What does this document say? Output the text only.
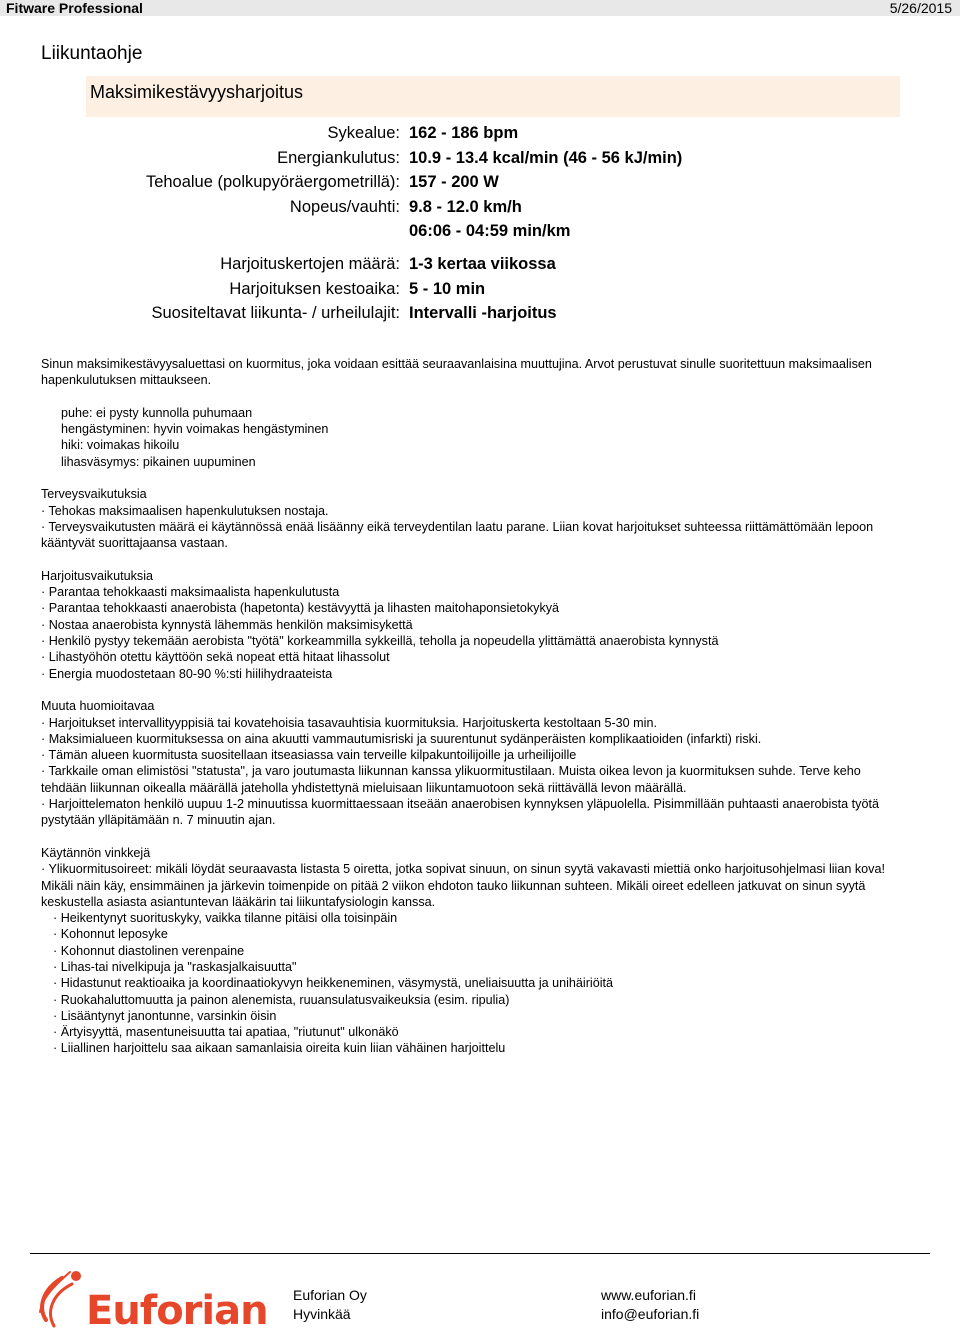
Fitware Professional	5/26/2015
Liikuntaohje
Maksimikestävyysharjoitus
Sykealue: 162 - 186 bpm
Energiankulutus: 10.9 - 13.4 kcal/min (46 - 56 kJ/min)
Tehoalue (polkupyöräergometrillä): 157 - 200 W
Nopeus/vauhti: 9.8 - 12.0 km/h
06:06 - 04:59 min/km
Harjoituskertojen määrä: 1-3 kertaa viikossa
Harjoituksen kestoaika: 5 - 10 min
Suositeltavat liikunta- / urheilulajit: Intervalli -harjoitus

Sinun maksimikestävyysaluettasi on kuormitus, joka voidaan esittää seuraavanlaisina muuttujina. Arvot perustuvat sinulle suoritettuun maksimaalisen hapenkulutuksen mittaukseen.

puhe: ei pysty kunnolla puhumaan

hengästyminen: hyvin voimakas hengästyminen

hiki: voimakas hikoilu

lihasväsymys: pikainen uupuminen

Terveysvaikutuksia

· Tehokas maksimaalisen hapenkulutuksen nostaja.

· Terveysvaikutusten määrä ei käytännössä enää lisäänny eikä terveydentilan laatu parane. Liian kovat harjoitukset suhteessa riittämättömään lepoon kääntyvät suorittajaansa vastaan.

Harjoitusvaikutuksia

· Parantaa tehokkaasti maksimaalista hapenkulutusta

· Parantaa tehokkaasti anaerobista (hapetonta) kestävyyttä ja lihasten maitohaponsietokykyä

· Nostaa anaerobista kynnystä lähemmäs henkilön maksimisykettä

· Henkilö pystyy tekemään aerobista "työtä" korkeammilla sykkeillä, teholla ja nopeudella ylittämättä anaerobista kynnystä

· Lihastyöhön otettu käyttöön sekä nopeat että hitaat lihassolut

· Energia muodostetaan 80-90 %:sti hiilihydraateista

Muuta huomioitavaa

· Harjoitukset intervallityyppisiä tai kovatehoisia tasavauhtisia kuormituksia. Harjoituskerta kestoltaan 5-30 min.

· Maksimialueen kuormituksessa on aina akuutti vammautumisriski ja suurentunut sydänperäisten komplikaatioiden (infarkti) riski.

· Tämän alueen kuormitusta suositellaan itseasiassa vain terveille kilpakuntoilijoille ja urheilijoille

· Tarkkaile oman elimistösi "statusta", ja varo joutumasta liikunnan kanssa ylikuormitustilaan. Muista oikea levon ja kuormituksen suhde. Terve keho tehdään liikunnan oikealla määrällä jateholla yhdistettynä mieluisaan liikuntamuotoon sekä riittävällä levon määrällä.

· Harjoittelematon henkilö uupuu 1-2 minuutissa kuormittaessaan itseään anaerobisen kynnyksen yläpuolella. Pisimmillään puhtaasti anaerobista työtä pystytään ylläpitämään n. 7 minuutin ajan.

Käytännön vinkkejä

· Ylikuormitusoireet: mikäli löydät seuraavasta listasta 5 oiretta, jotka sopivat sinuun, on sinun syytä vakavasti miettiä onko harjoitusohjelmasi liian kova! Mikäli näin käy, ensimmäinen ja järkevin toimenpide on pitää 2 viikon ehdoton tauko liikunnan suhteen. Mikäli oireet edelleen jatkuvat on sinun syytä keskustella asiasta asiantuntevan lääkärin tai liikuntafysiologin kanssa.

· Heikentynyt suorituskyky, vaikka tilanne pitäisi olla toisinpäin

· Kohonnut leposyke

· Kohonnut diastolinen verenpaine

· Lihas-tai nivelkipuja ja "raskasjalkaisuutta"

· Hidastunut reaktioaika ja koordinaatiokyvyn heikkeneminen, väsymystä, uneliaisuutta ja unihäiriöitä

· Ruokahaluttomuutta ja painon alenemista, ruuansulatusvaikeuksia (esim. ripulia)

· Lisääntynyt janontunne, varsinkin öisin

· Ärtyisyyttä, masentuneisuutta tai apatiaa, "riutunut" ulkonäkö

· Liiallinen harjoittelu saa aikaan samanlaisia oireita kuin liian vähäinen harjoittelu

Euforian Euforian Oy
Hyvinkää
www.euforian.fi
info@euforian.fi
